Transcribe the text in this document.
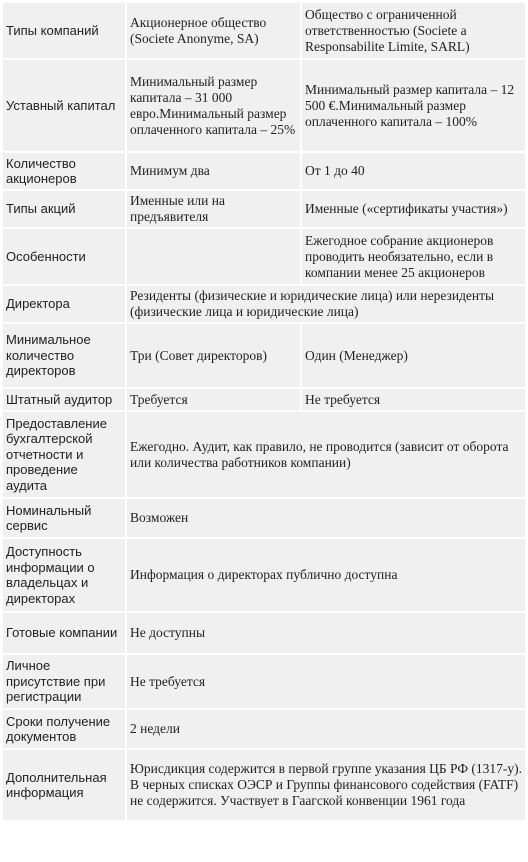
Типы компаний	Акционерное общество (Societe Anonyme, SA)	Общество с ограниченной ответственностью (Societe a Responsabilite Limite, SARL)
Уставный капитал	Минимальный размер капитала – 31 000 евро.Минимальный размер оплаченного капитала – 25%	Минимальный размер капитала – 12 500 €.Минимальный размер оплаченного капитала – 100%
Количество акционеров	Минимум два	От 1 до 40
Типы акций	Именные или на предъявителя	Именные («сертификаты участия»)
Особенности		Ежегодное собрание акционеров проводить необязательно, если в компании менее 25 акционеров
Директора	Резиденты (физические и юридические лица) или нерезиденты (физические лица и юридические лица)	
Минимальное количество директоров	Три (Совет директоров)	Один (Менеджер)
Штатный аудитор	Требуется	Не требуется
Предоставление бухгалтерской отчетности и проведение аудита	Ежегодно. Аудит, как правило, не проводится (зависит от оборота или количества работников компании)	
Номинальный сервис	Возможен	
Доступность информации о владельцах и директорах	Информация о директорах публично доступна	
Готовые компании	Не доступны	
Личное присутствие при регистрации	Не требуется	
Сроки получение документов	2 недели	
Дополнительная информация	Юрисдикция содержится в первой группе указания ЦБ РФ (1317-у). В черных списках ОЭСР и Группы финансового содействия (FATF) не содержится. Участвует в Гаагской конвенции 1961 года	
